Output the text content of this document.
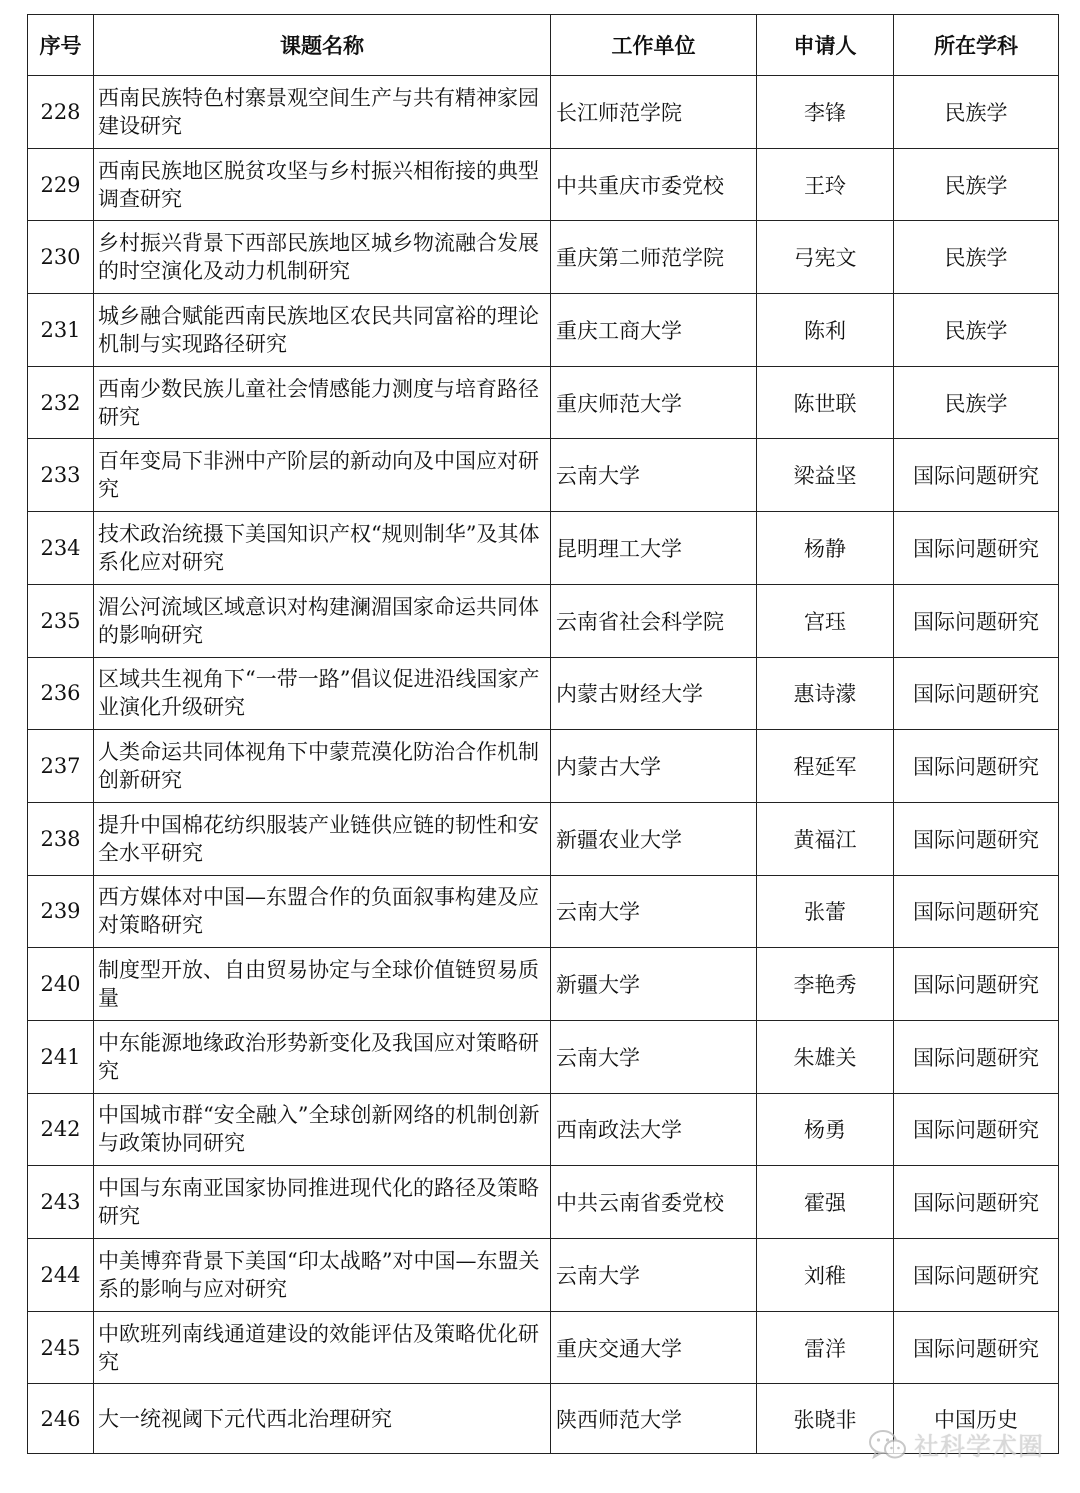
序号	课题名称	工作单位	申请人	所在学科
228	西南民族特色村寨景观空间生产与共有精神家园建设研究	长江师范学院	李锋	民族学
229	西南民族地区脱贫攻坚与乡村振兴相衔接的典型调查研究	中共重庆市委党校	王玲	民族学
230	乡村振兴背景下西部民族地区城乡物流融合发展的时空演化及动力机制研究	重庆第二师范学院	弓宪文	民族学
231	城乡融合赋能西南民族地区农民共同富裕的理论机制与实现路径研究	重庆工商大学	陈利	民族学
232	西南少数民族儿童社会情感能力测度与培育路径研究	重庆师范大学	陈世联	民族学
233	百年变局下非洲中产阶层的新动向及中国应对研究	云南大学	梁益坚	国际问题研究
234	技术政治统摄下美国知识产权“规则制华”及其体系化应对研究	昆明理工大学	杨静	国际问题研究
235	湄公河流域区域意识对构建澜湄国家命运共同体的影响研究	云南省社会科学院	宫珏	国际问题研究
236	区域共生视角下“一带一路”倡议促进沿线国家产业演化升级研究	内蒙古财经大学	惠诗濛	国际问题研究
237	人类命运共同体视角下中蒙荒漠化防治合作机制创新研究	内蒙古大学	程延军	国际问题研究
238	提升中国棉花纺织服装产业链供应链的韧性和安全水平研究	新疆农业大学	黄福江	国际问题研究
239	西方媒体对中国—东盟合作的负面叙事构建及应对策略研究	云南大学	张蕾	国际问题研究
240	制度型开放、自由贸易协定与全球价值链贸易质量	新疆大学	李艳秀	国际问题研究
241	中东能源地缘政治形势新变化及我国应对策略研究	云南大学	朱雄关	国际问题研究
242	中国城市群“安全融入”全球创新网络的机制创新与政策协同研究	西南政法大学	杨勇	国际问题研究
243	中国与东南亚国家协同推进现代化的路径及策略研究	中共云南省委党校	霍强	国际问题研究
244	中美博弈背景下美国“印太战略”对中国—东盟关系的影响与应对研究	云南大学	刘稚	国际问题研究
245	中欧班列南线通道建设的效能评估及策略优化研究	重庆交通大学	雷洋	国际问题研究
246	大一统视阈下元代西北治理研究	陕西师范大学	张晓非	中国历史
社科学术圈
